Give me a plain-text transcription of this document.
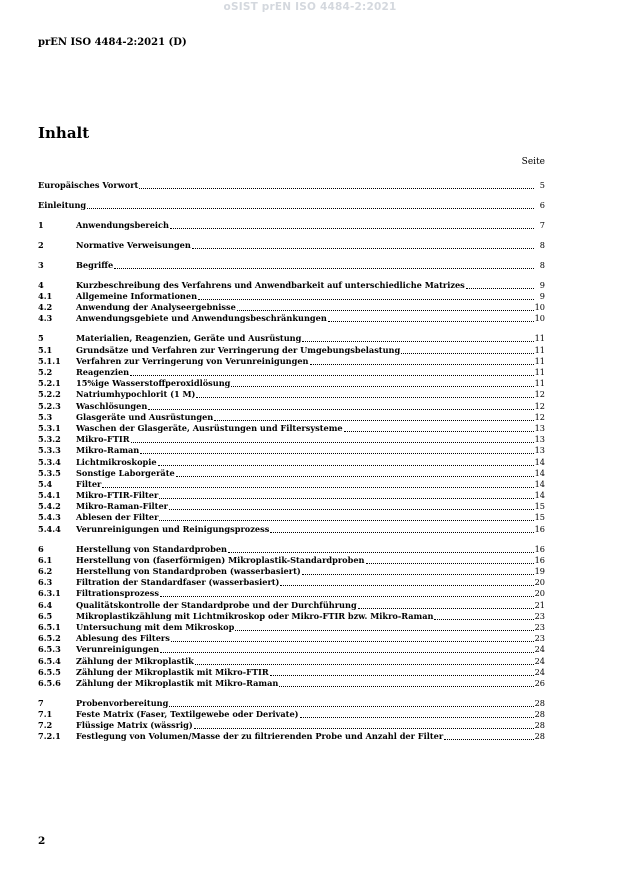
oSIST prEN ISO 4484-2:2021
prEN ISO 4484-2:2021 (D)
Inhalt
Seite
Europäisches Vorwort	5
Einleitung	6
1	Anwendungsbereich	7
2	Normative Verweisungen	8
3	Begriffe	8
4	Kurzbeschreibung des Verfahrens und Anwendbarkeit auf unterschiedliche Matrizes	9
4.1	Allgemeine Informationen	9
4.2	Anwendung der Analyseergebnisse	10
4.3	Anwendungsgebiete und Anwendungsbeschränkungen	10
5	Materialien, Reagenzien, Geräte und Ausrüstung	11
5.1	Grundsätze und Verfahren zur Verringerung der Umgebungsbelastung	11
5.1.1	Verfahren zur Verringerung von Verunreinigungen	11
5.2	Reagenzien	11
5.2.1	15%ige Wasserstoffperoxidlösung	11
5.2.2	Natriumhypochlorit (1 M)	12
5.2.3	Waschlösungen	12
5.3	Glasgeräte und Ausrüstungen	12
5.3.1	Waschen der Glasgeräte, Ausrüstungen und Filtersysteme	13
5.3.2	Mikro-FTIR	13
5.3.3	Mikro-Raman	13
5.3.4	Lichtmikroskopie	14
5.3.5	Sonstige Laborgeräte	14
5.4	Filter	14
5.4.1	Mikro-FTIR-Filter	14
5.4.2	Mikro-Raman-Filter	15
5.4.3	Ablesen der Filter	15
5.4.4	Verunreinigungen und Reinigungsprozess	16
6	Herstellung von Standardproben	16
6.1	Herstellung von (faserförmigen) Mikroplastik-Standardproben	16
6.2	Herstellung von Standardproben (wasserbasiert)	19
6.3	Filtration der Standardfaser (wasserbasiert)	20
6.3.1	Filtrationsprozess	20
6.4	Qualitätskontrolle der Standardprobe und der Durchführung	21
6.5	Mikroplastikzählung mit Lichtmikroskop oder Mikro-FTIR bzw. Mikro-Raman	23
6.5.1	Untersuchung mit dem Mikroskop	23
6.5.2	Ablesung des Filters	23
6.5.3	Verunreinigungen	24
6.5.4	Zählung der Mikroplastik	24
6.5.5	Zählung der Mikroplastik mit Mikro-FTIR	24
6.5.6	Zählung der Mikroplastik mit Mikro-Raman	26
7	Probenvorbereitung	28
7.1	Feste Matrix (Faser, Textilgewebe oder Derivate)	28
7.2	Flüssige Matrix (wässrig)	28
7.2.1	Festlegung von Volumen/Masse der zu filtrierenden Probe und Anzahl der Filter	28
2
